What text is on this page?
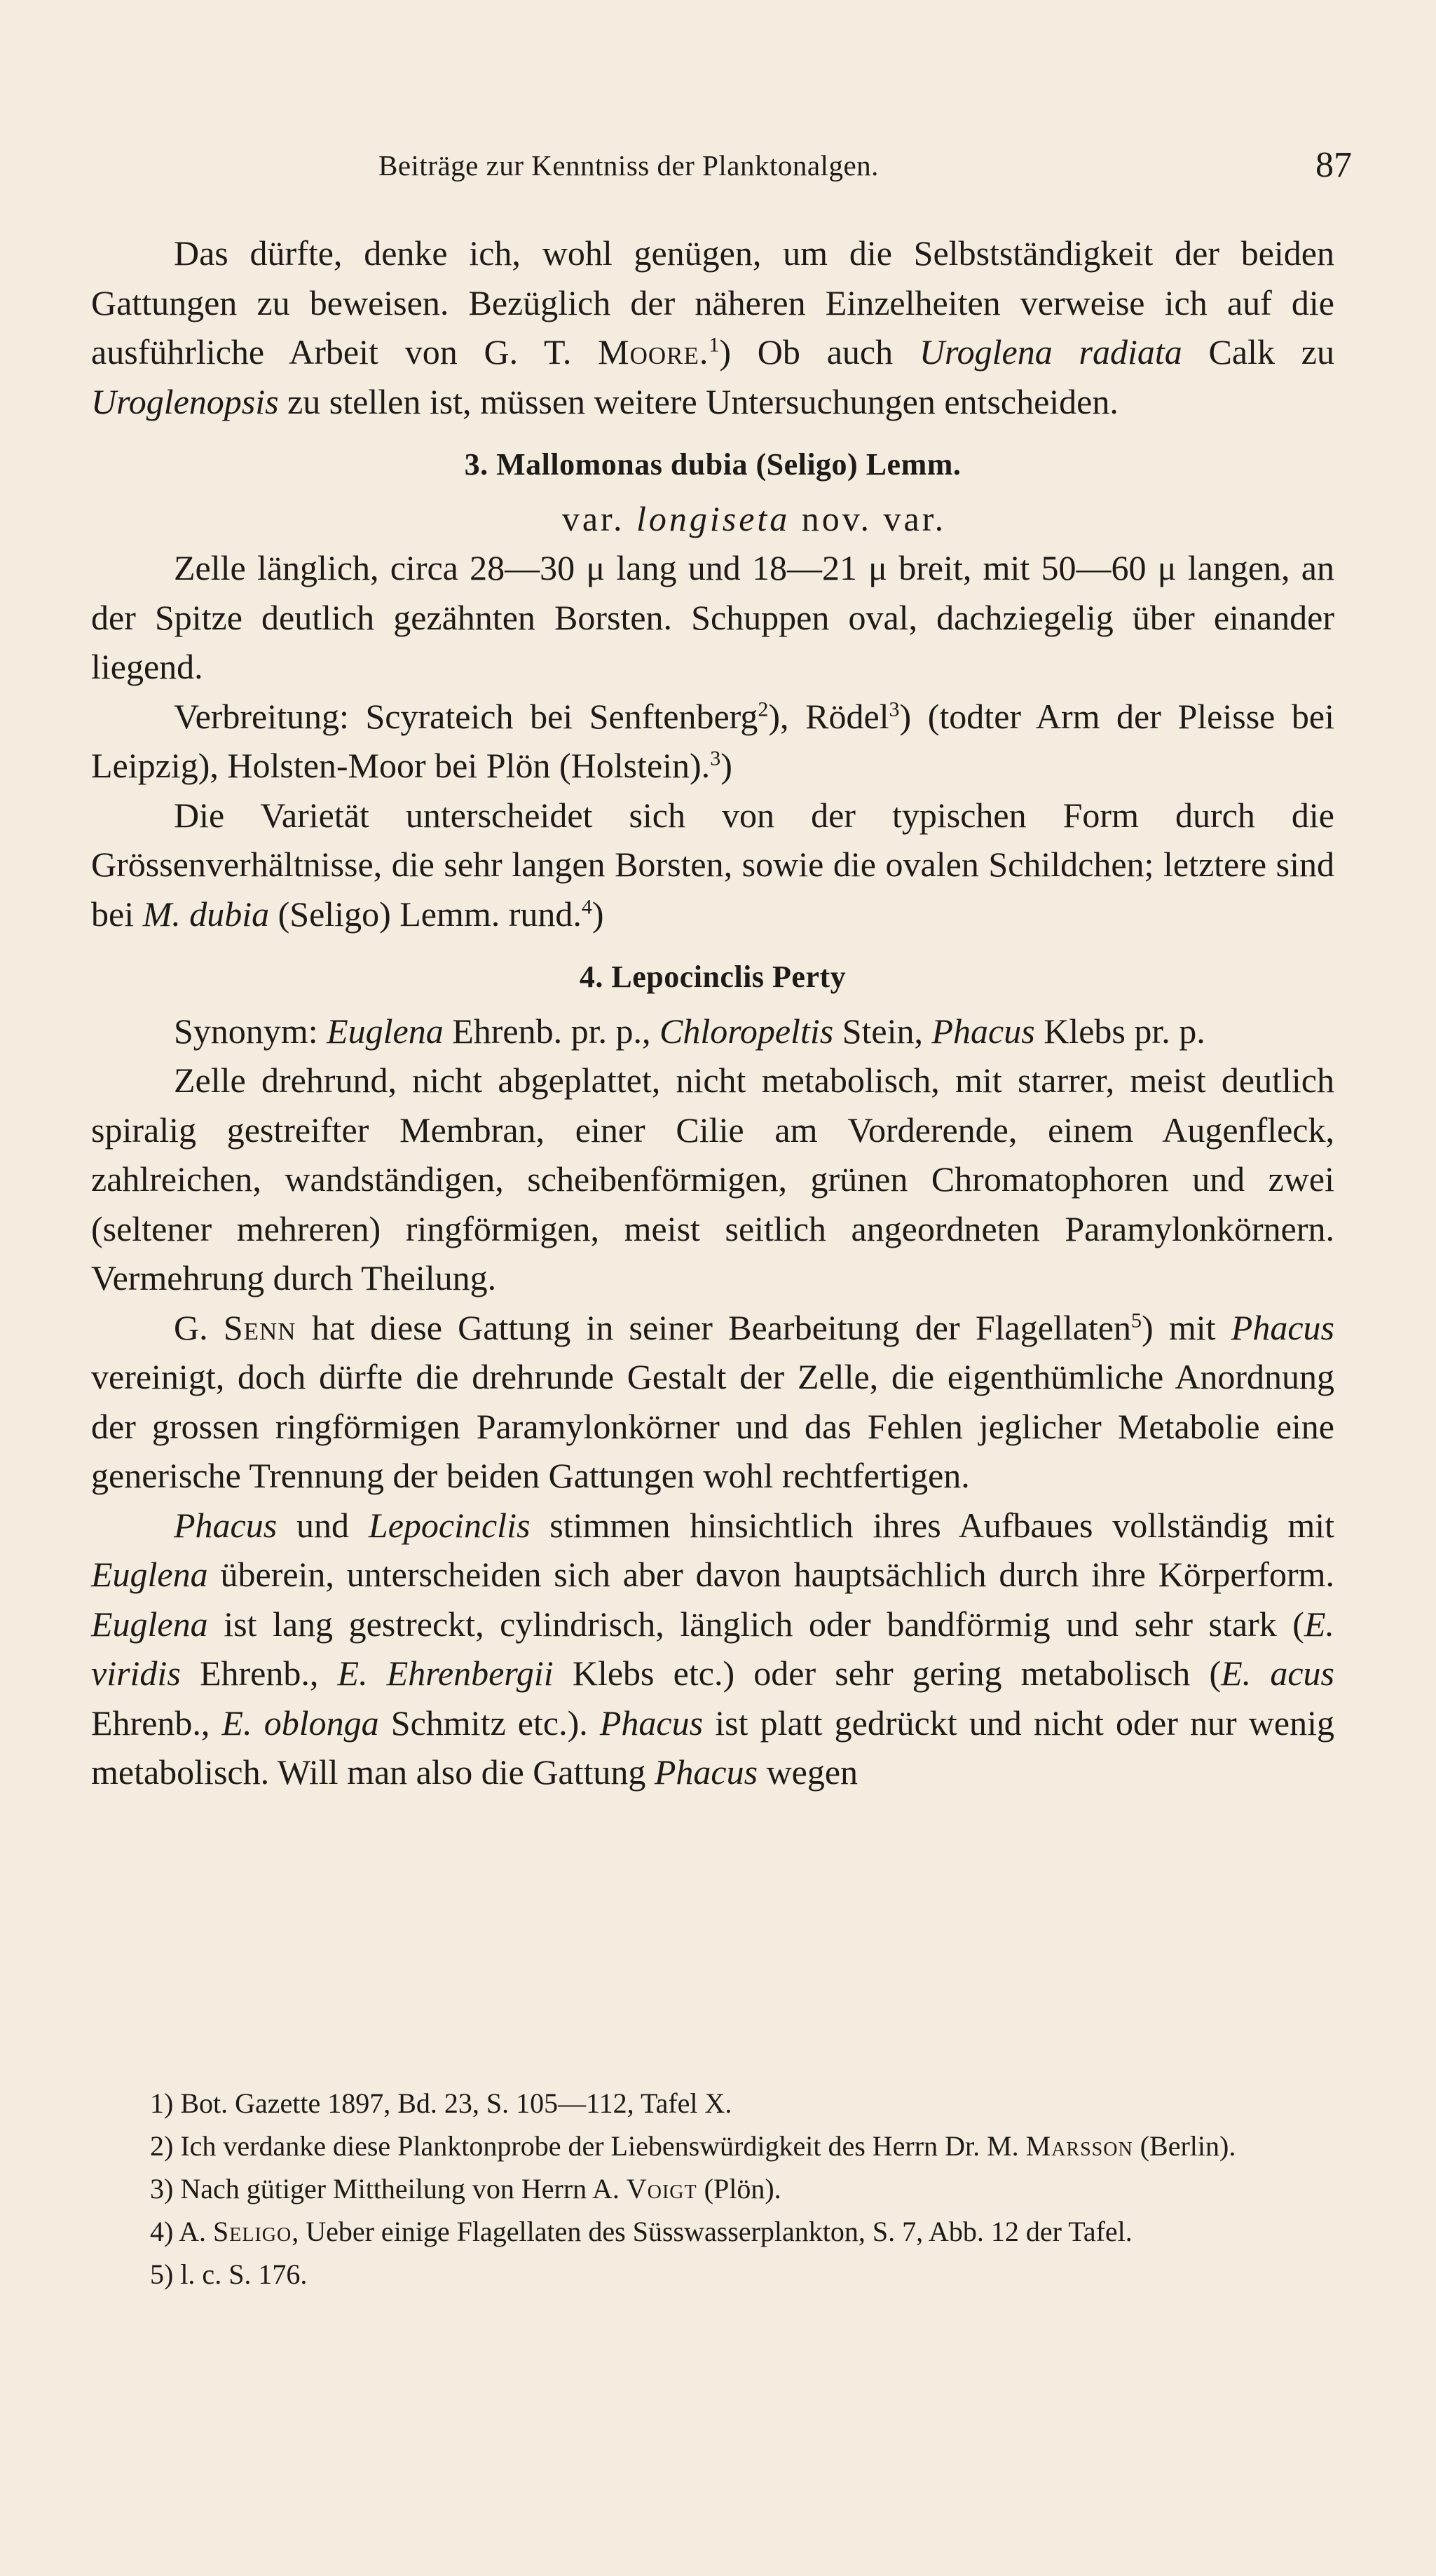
Beiträge zur Kenntniss der Planktonalgen.	87

Das dürfte, denke ich, wohl genügen, um die Selbstständigkeit der beiden Gattungen zu beweisen. Bezüglich der näheren Einzelheiten verweise ich auf die ausführliche Arbeit von G. T. Moore.$^1$) Ob auch Uroglena radiata Calk zu Uroglenopsis zu stellen ist, müssen weitere Untersuchungen entscheiden.

3. Mallomonas dubia (Seligo) Lemm.

var. longiseta nov. var.

Zelle länglich, circa 28—30 μ lang und 18—21 μ breit, mit 50—60 μ langen, an der Spitze deutlich gezähnten Borsten. Schuppen oval, dachziegelig über einander liegend.

Verbreitung: Scyrateich bei Senftenberg$^2$), Rödel$^3$) (todter Arm der Pleisse bei Leipzig), Holsten-Moor bei Plön (Holstein).$^3$)

Die Varietät unterscheidet sich von der typischen Form durch die Grössenverhältnisse, die sehr langen Borsten, sowie die ovalen Schildchen; letztere sind bei M. dubia (Seligo) Lemm. rund.$^4$)

4. Lepocinclis Perty

Synonym: Euglena Ehrenb. pr. p., Chloropeltis Stein, Phacus Klebs pr. p.

Zelle drehrund, nicht abgeplattet, nicht metabolisch, mit starrer, meist deutlich spiralig gestreifter Membran, einer Cilie am Vorderende, einem Augenfleck, zahlreichen, wandständigen, scheibenförmigen, grünen Chromatophoren und zwei (seltener mehreren) ringförmigen, meist seitlich angeordneten Paramylonkörnern. Vermehrung durch Theilung.

G. Senn hat diese Gattung in seiner Bearbeitung der Flagellaten$^5$) mit Phacus vereinigt, doch dürfte die drehrunde Gestalt der Zelle, die eigenthümliche Anordnung der grossen ringförmigen Paramylonkörner und das Fehlen jeglicher Metabolie eine generische Trennung der beiden Gattungen wohl rechtfertigen.

Phacus und Lepocinclis stimmen hinsichtlich ihres Aufbaues vollständig mit Euglena überein, unterscheiden sich aber davon hauptsächlich durch ihre Körperform. Euglena ist lang gestreckt, cylindrisch, länglich oder bandförmig und sehr stark (E. viridis Ehrenb., E. Ehrenbergii Klebs etc.) oder sehr gering metabolisch (E. acus Ehrenb., E. oblonga Schmitz etc.). Phacus ist platt gedrückt und nicht oder nur wenig metabolisch. Will man also die Gattung Phacus wegen

1) Bot. Gazette 1897, Bd. 23, S. 105—112, Tafel X.

2) Ich verdanke diese Planktonprobe der Liebenswürdigkeit des Herrn Dr. M. Marsson (Berlin).

3) Nach gütiger Mittheilung von Herrn A. Voigt (Plön).

4) A. Seligo, Ueber einige Flagellaten des Süsswasserplankton, S. 7, Abb. 12 der Tafel.

5) l. c. S. 176.
